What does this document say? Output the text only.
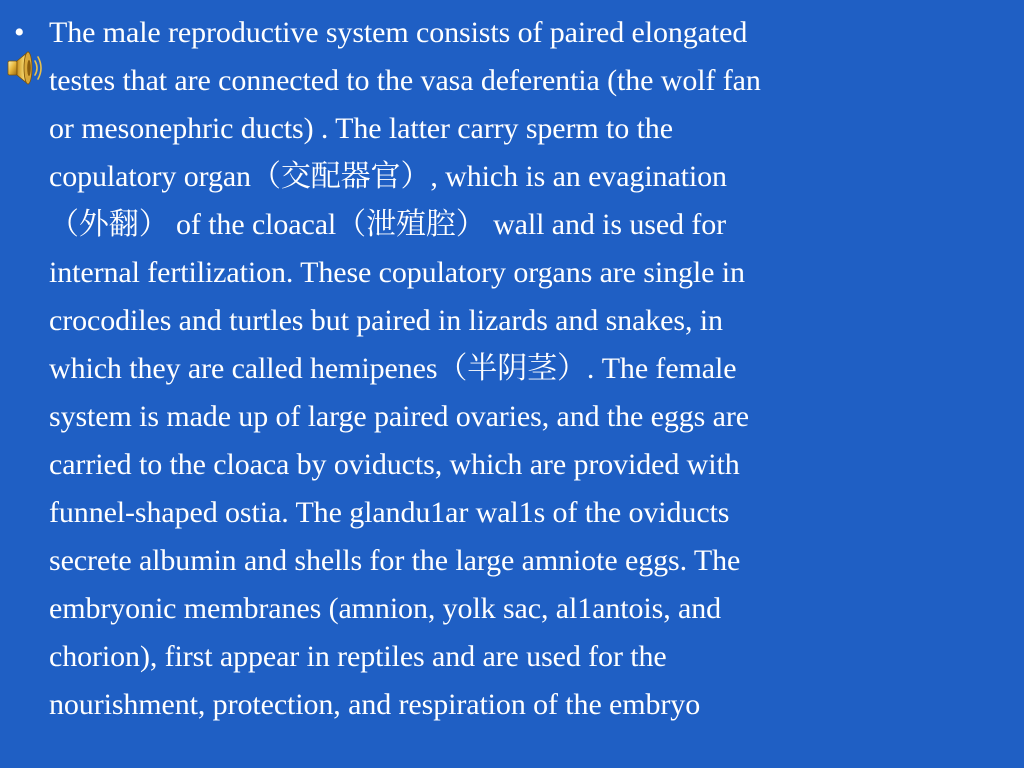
• The male reproductive system consists of paired elongated
testes that are connected to the vasa deferentia (the wolf fan
or mesonephric ducts) . The latter carry sperm to the
copulatory organ（交配器官）, which is an evagination
（外翻） of the cloacal（泄殖腔） wall and is used for
internal fertilization. These copulatory organs are single in
crocodiles and turtles but paired in lizards and snakes, in
which they are called hemipenes（半阴茎）. The female
system is made up of large paired ovaries, and the eggs are
carried to the cloaca by oviducts, which are provided with
funnel-shaped ostia. The glandu1ar wal1s of the oviducts
secrete albumin and shells for the large amniote eggs. The
embryonic membranes (amnion, yolk sac, al1antois, and
chorion), first appear in reptiles and are used for the
nourishment, protection, and respiration of the embryo
